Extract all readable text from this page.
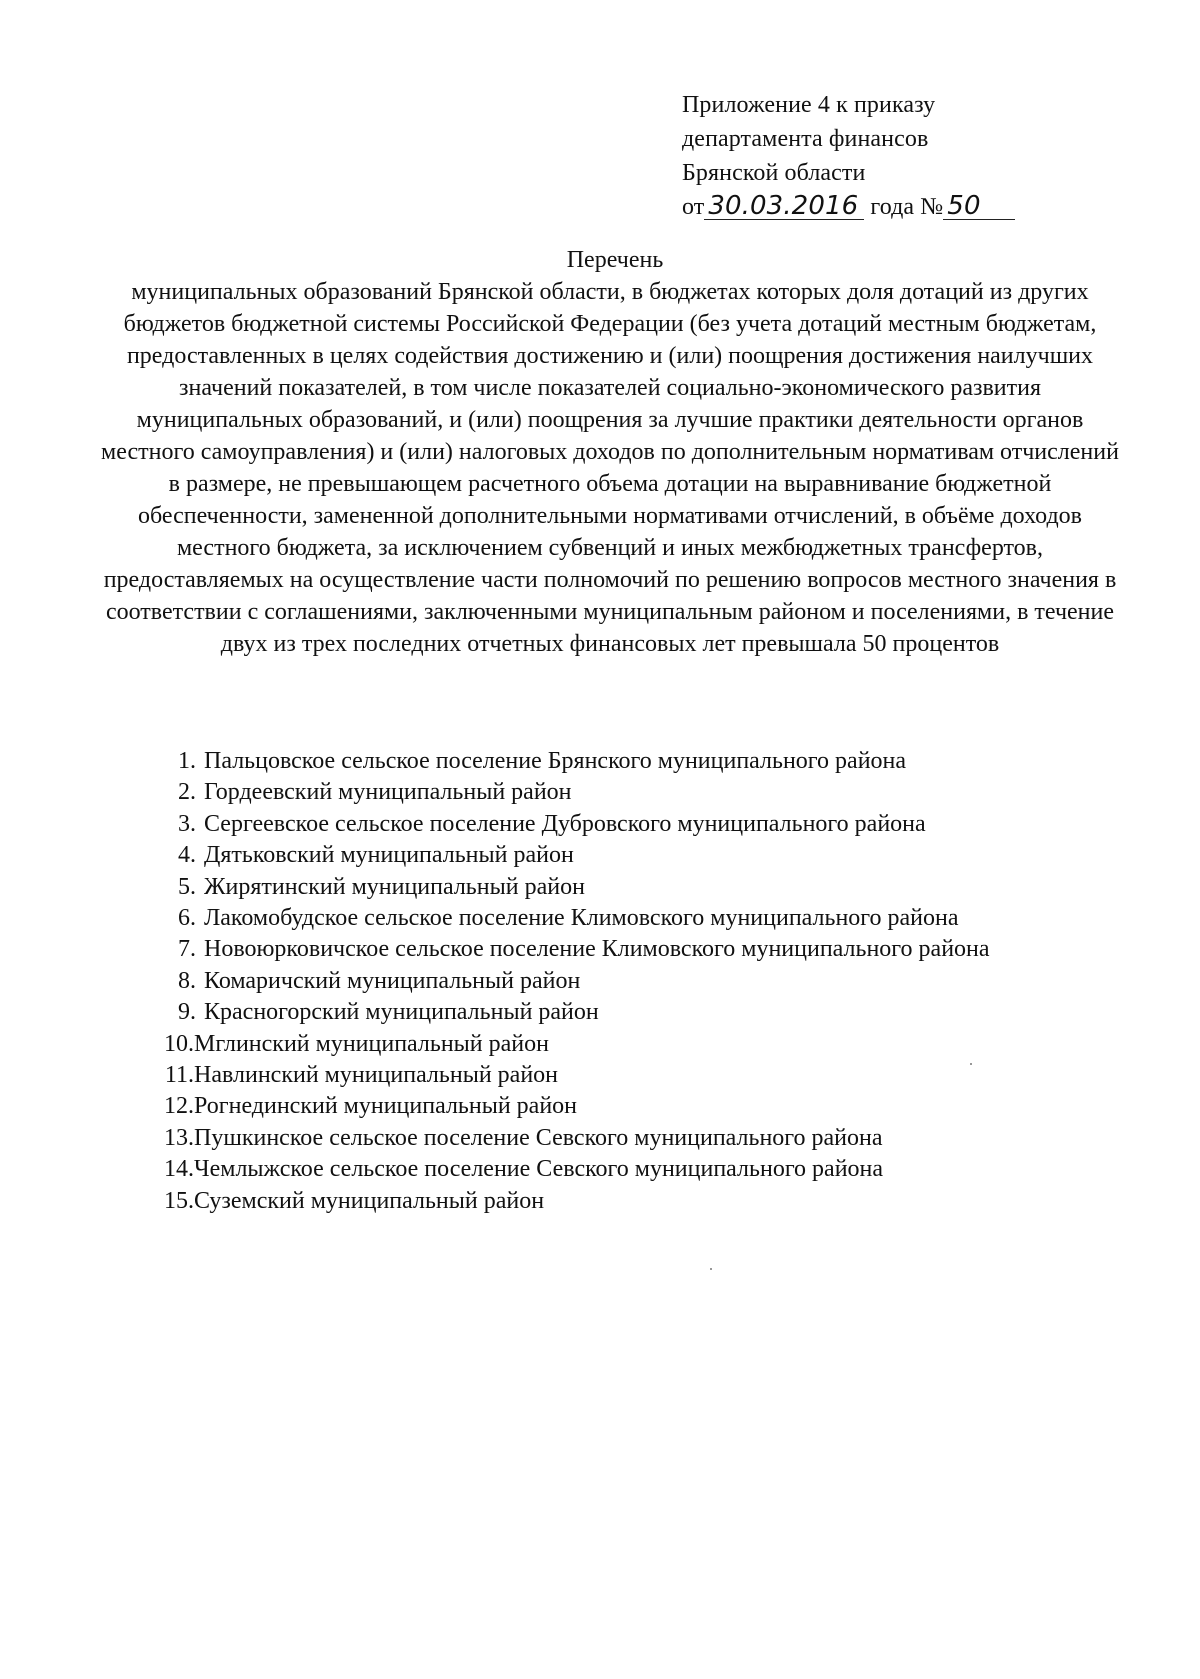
Приложение 4 к приказу
департамента финансов
Брянской области
от 30.03.2016 года № 50
Перечень
муниципальных образований Брянской области, в бюджетах которых доля дотаций из других бюджетов бюджетной системы Российской Федерации (без учета дотаций местным бюджетам, предоставленных в целях содействия достижению и (или) поощрения достижения наилучших значений показателей, в том числе показателей социально-экономического развития муниципальных образований, и (или) поощрения за лучшие практики деятельности органов местного самоуправления) и (или) налоговых доходов по дополнительным нормативам отчислений в размере, не превышающем расчетного объема дотации на выравнивание бюджетной обеспеченности, замененной дополнительными нормативами отчислений, в объёме доходов местного бюджета, за исключением субвенций и иных межбюджетных трансфертов, предоставляемых на осуществление части полномочий по решению вопросов местного значения в соответствии с соглашениями, заключенными муниципальным районом и поселениями, в течение двух из трех последних отчетных финансовых лет превышала 50 процентов
1. Пальцовское сельское поселение Брянского муниципального района
2. Гордеевский муниципальный район
3. Сергеевское сельское поселение Дубровского муниципального района
4. Дятьковский муниципальный район
5. Жирятинский муниципальный район
6. Лакомобудское сельское поселение Климовского муниципального района
7. Новоюрковичское сельское поселение Климовского муниципального района
8. Комаричский муниципальный район
9. Красногорский муниципальный район
10.Мглинский муниципальный район
11.Навлинский муниципальный район
12.Рогнединский муниципальный район
13.Пушкинское сельское поселение Севского муниципального района
14.Чемлыжское сельское поселение Севского муниципального района
15.Суземский муниципальный район
